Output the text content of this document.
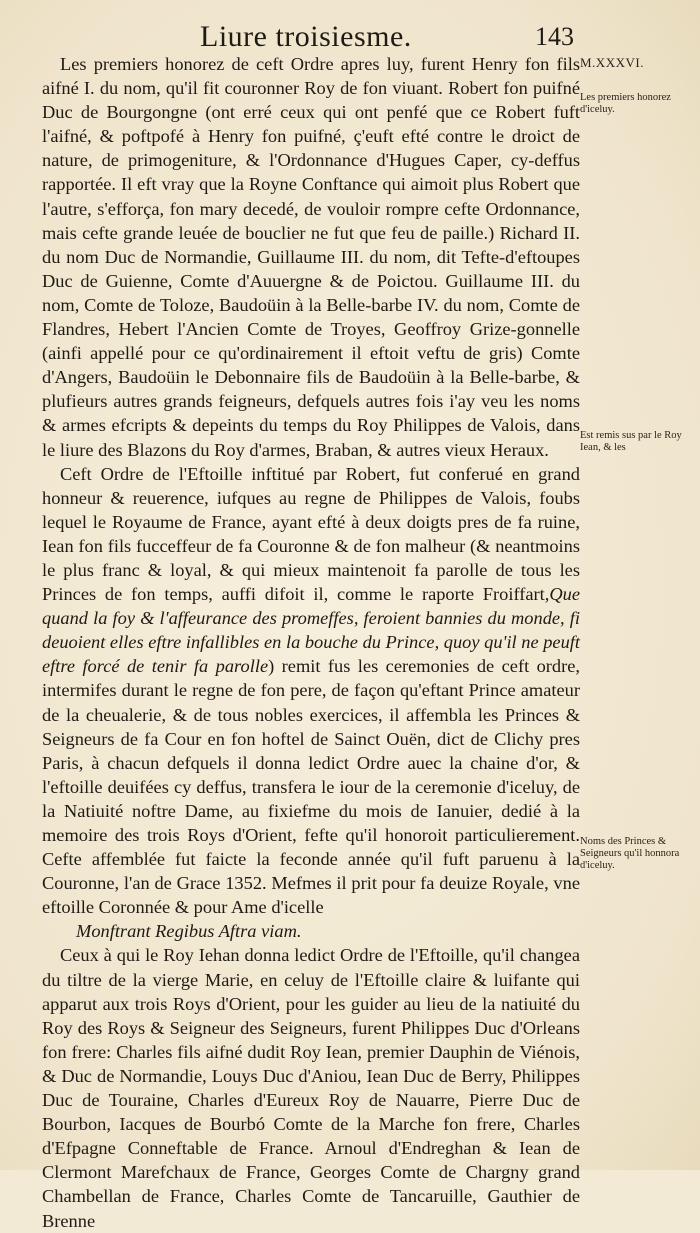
Liure troisiesme.	143
M.XXXVI.
Les premiers honorez d'iceluy.
Est remis sus par le Roy Iean, & les
Noms des Princes & Seigneurs qu'il honnora d'iceluy.

Les premiers honorez de ceft Ordre apres luy, furent Henry fon fils aifné I. du nom, qu'il fit couronner Roy de fon viuant. Robert fon puifné Duc de Bourgongne (ont erré ceux qui ont penfé que ce Robert fuft l'aifné, & poftpofé à Henry fon puifné, ç'euft efté contre le droict de nature, de primogeniture, & l'Ordonnance d'Hugues Caper, cy-deffus rapportée. Il eft vray que la Royne Conftance qui aimoit plus Robert que l'autre, s'efforça, fon mary decedé, de vouloir rompre cefte Ordonnance, mais cefte grande leuée de bouclier ne fut que feu de paille.) Richard II. du nom Duc de Normandie, Guillaume III. du nom, dit Tefte-d'eftoupes Duc de Guienne, Comte d'Auuergne & de Poictou. Guillaume III. du nom, Comte de Toloze, Baudoüin à la Belle-barbe IV. du nom, Comte de Flandres, Hebert l'Ancien Comte de Troyes, Geoffroy Grize-gonnelle (ainfi appellé pour ce qu'ordinairement il eftoit veftu de gris) Comte d'Angers, Baudoüin le Debonnaire fils de Baudoüin à la Belle-barbe, & plufieurs autres grands feigneurs, defquels autres fois i'ay veu les noms & armes efcripts & depeints du temps du Roy Philippes de Valois, dans le liure des Blazons du Roy d'armes, Braban, & autres vieux Heraux.

Ceft Ordre de l'Eftoille inftitué par Robert, fut conferué en grand honneur & reuerence, iufques au regne de Philippes de Valois, foubs lequel le Royaume de France, ayant efté à deux doigts pres de fa ruine, Iean fon fils fucceffeur de fa Couronne & de fon malheur (& neantmoins le plus franc & loyal, & qui mieux maintenoit fa parolle de tous les Princes de fon temps, auffi difoit il, comme le raporte Froiffart,Que quand la foy & l'affeurance des promeffes, feroient bannies du monde, fi deuoient elles eftre infallibles en la bouche du Prince, quoy qu'il ne peuft eftre forcé de tenir fa parolle) remit fus les ceremonies de ceft ordre, intermifes durant le regne de fon pere, de façon qu'eftant Prince amateur de la cheualerie, & de tous nobles exercices, il affembla les Princes & Seigneurs de fa Cour en fon hoftel de Sainct Ouën, dict de Clichy pres Paris, à chacun defquels il donna ledict Ordre auec la chaine d'or, & l'eftoille deuifées cy deffus, transfera le iour de la ceremonie d'iceluy, de la Natiuité noftre Dame, au fixiefme du mois de Ianuier, dedié à la memoire des trois Roys d'Orient, fefte qu'il honoroit particulierement. Cefte affemblée fut faicte la feconde année qu'il fuft paruenu à la Couronne, l'an de Grace 1352. Mefmes il prit pour fa deuize Royale, vne eftoille Coronnée & pour Ame d'icelle

Monftrant Regibus Aftra viam.

Ceux à qui le Roy Iehan donna ledict Ordre de l'Eftoille, qu'il changea du tiltre de la vierge Marie, en celuy de l'Eftoille claire & luifante qui apparut aux trois Roys d'Orient, pour les guider au lieu de la natiuité du Roy des Roys & Seigneur des Seigneurs, furent Philippes Duc d'Orleans fon frere: Charles fils aifné dudit Roy Iean, premier Dauphin de Viénois, & Duc de Normandie, Louys Duc d'Aniou, Iean Duc de Berry, Philippes Duc de Touraine, Charles d'Eureux Roy de Nauarre, Pierre Duc de Bourbon, Iacques de Bourbó Comte de la Marche fon frere, Charles d'Efpagne Conneftable de France. Arnoul d'Endreghan & Iean de Clermont Marefchaux de France, Georges Comte de Chargny grand Chambellan de France, Charles Comte de Tancaruille, Gauthier de Brenne
